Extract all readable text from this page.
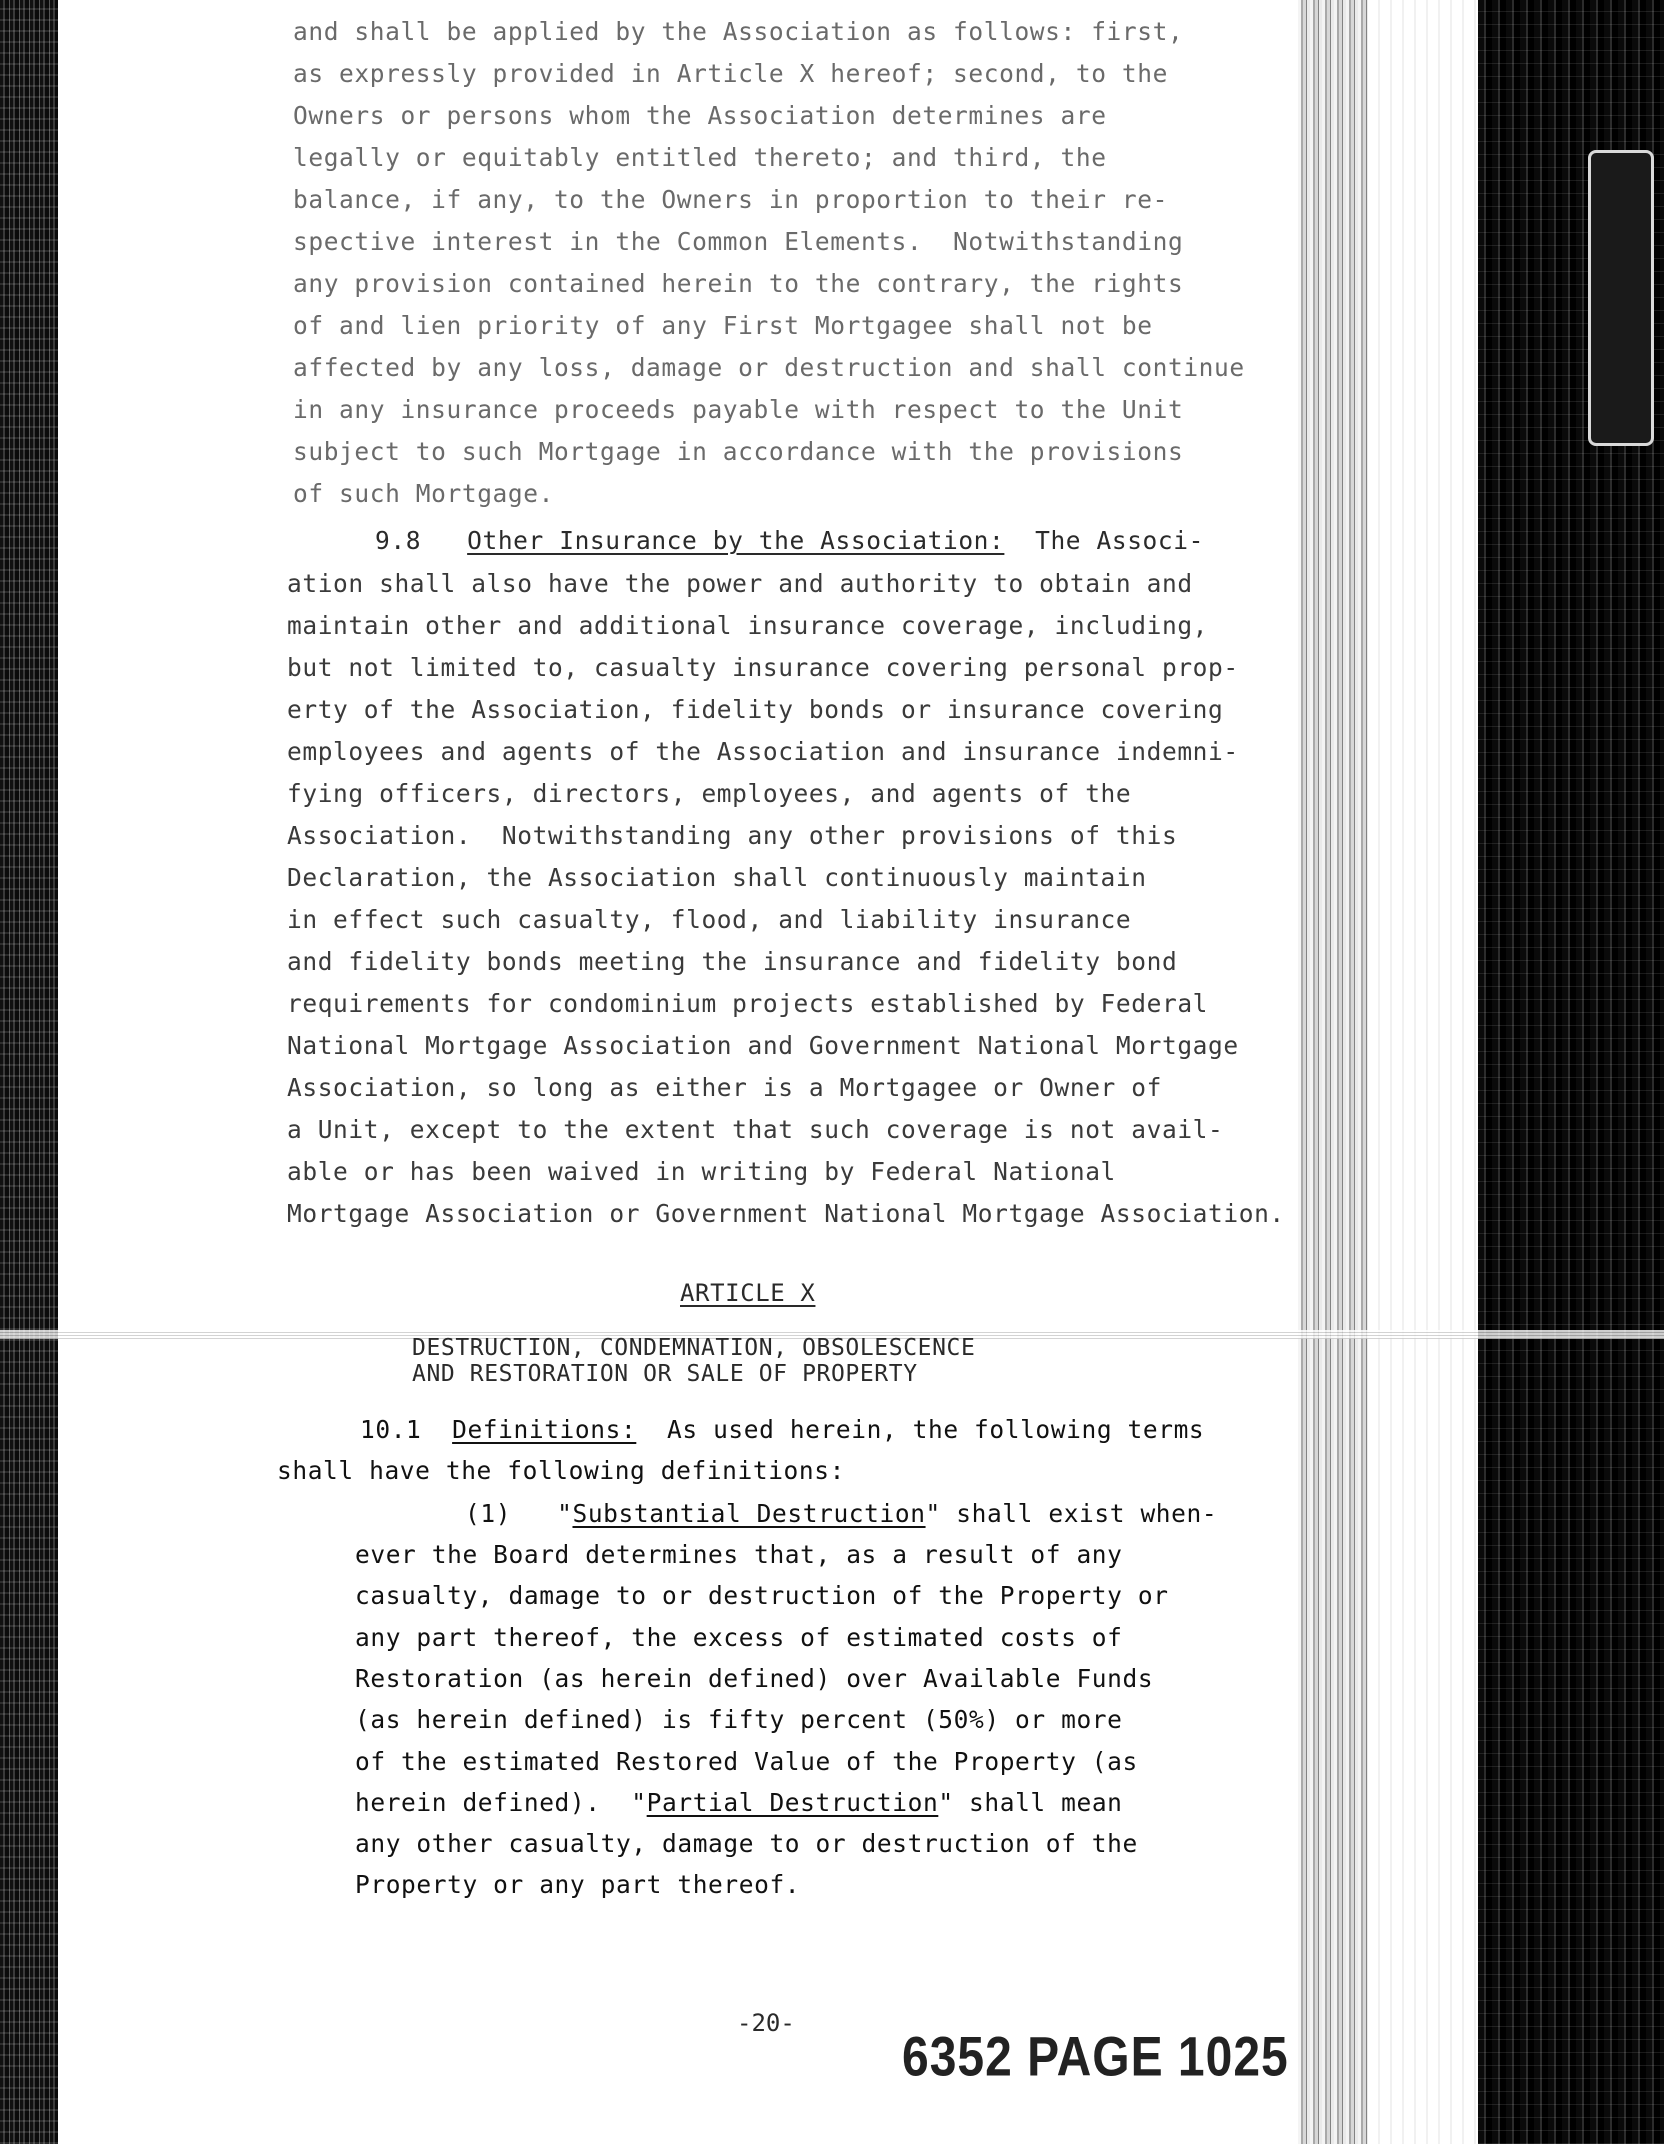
and shall be applied by the Association as follows: first,
as expressly provided in Article X hereof; second, to the
Owners or persons whom the Association determines are
legally or equitably entitled thereto; and third, the
balance, if any, to the Owners in proportion to their re-
spective interest in the Common Elements.  Notwithstanding
any provision contained herein to the contrary, the rights
of and lien priority of any First Mortgagee shall not be
affected by any loss, damage or destruction and shall continue
in any insurance proceeds payable with respect to the Unit
subject to such Mortgage in accordance with the provisions
of such Mortgage.
9.8 Other Insurance by the Association: The Associ-
ation shall also have the power and authority to obtain and
maintain other and additional insurance coverage, including,
but not limited to, casualty insurance covering personal prop-
erty of the Association, fidelity bonds or insurance covering
employees and agents of the Association and insurance indemni-
fying officers, directors, employees, and agents of the
Association.  Notwithstanding any other provisions of this
Declaration, the Association shall continuously maintain
in effect such casualty, flood, and liability insurance
and fidelity bonds meeting the insurance and fidelity bond
requirements for condominium projects established by Federal
National Mortgage Association and Government National Mortgage
Association, so long as either is a Mortgagee or Owner of
a Unit, except to the extent that such coverage is not avail-
able or has been waived in writing by Federal National
Mortgage Association or Government National Mortgage Association.
ARTICLE X
DESTRUCTION, CONDEMNATION, OBSOLESCENCE
AND RESTORATION OR SALE OF PROPERTY
10.1 Definitions: As used herein, the following terms
shall have the following definitions:
(1) "Substantial Destruction" shall exist when-
ever the Board determines that, as a result of any
casualty, damage to or destruction of the Property or
any part thereof, the excess of estimated costs of
Restoration (as herein defined) over Available Funds
(as herein defined) is fifty percent (50%) or more
of the estimated Restored Value of the Property (as
herein defined).  "Partial Destruction" shall mean
any other casualty, damage to or destruction of the
Property or any part thereof.
-20-
6352 PAGE 1025
